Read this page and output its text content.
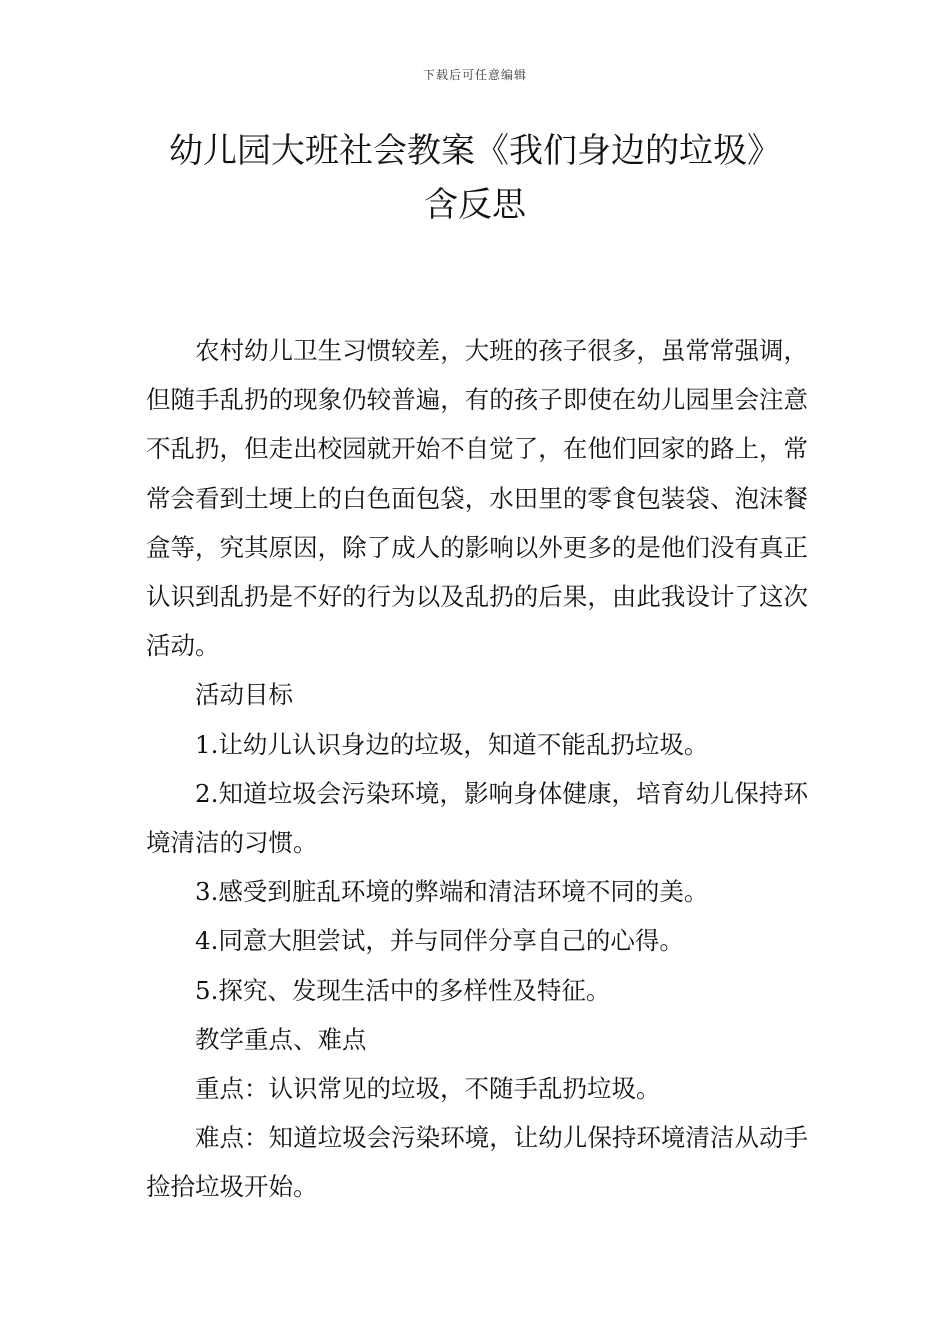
下载后可任意编辑
幼儿园大班社会教案《我们身边的垃圾》
含反思

农村幼儿卫生习惯较差，大班的孩子很多，虽常常强调，但随手乱扔的现象仍较普遍，有的孩子即使在幼儿园里会注意不乱扔，但走出校园就开始不自觉了，在他们回家的路上，常常会看到土埂上的白色面包袋，水田里的零食包装袋、泡沫餐盒等，究其原因，除了成人的影响以外更多的是他们没有真正认识到乱扔是不好的行为以及乱扔的后果，由此我设计了这次活动。

活动目标

1.让幼儿认识身边的垃圾，知道不能乱扔垃圾。

2.知道垃圾会污染环境，影响身体健康，培育幼儿保持环境清洁的习惯。

3.感受到脏乱环境的弊端和清洁环境不同的美。

4.同意大胆尝试，并与同伴分享自己的心得。

5.探究、发现生活中的多样性及特征。

教学重点、难点

重点：认识常见的垃圾，不随手乱扔垃圾。

难点：知道垃圾会污染环境，让幼儿保持环境清洁从动手捡拾垃圾开始。
